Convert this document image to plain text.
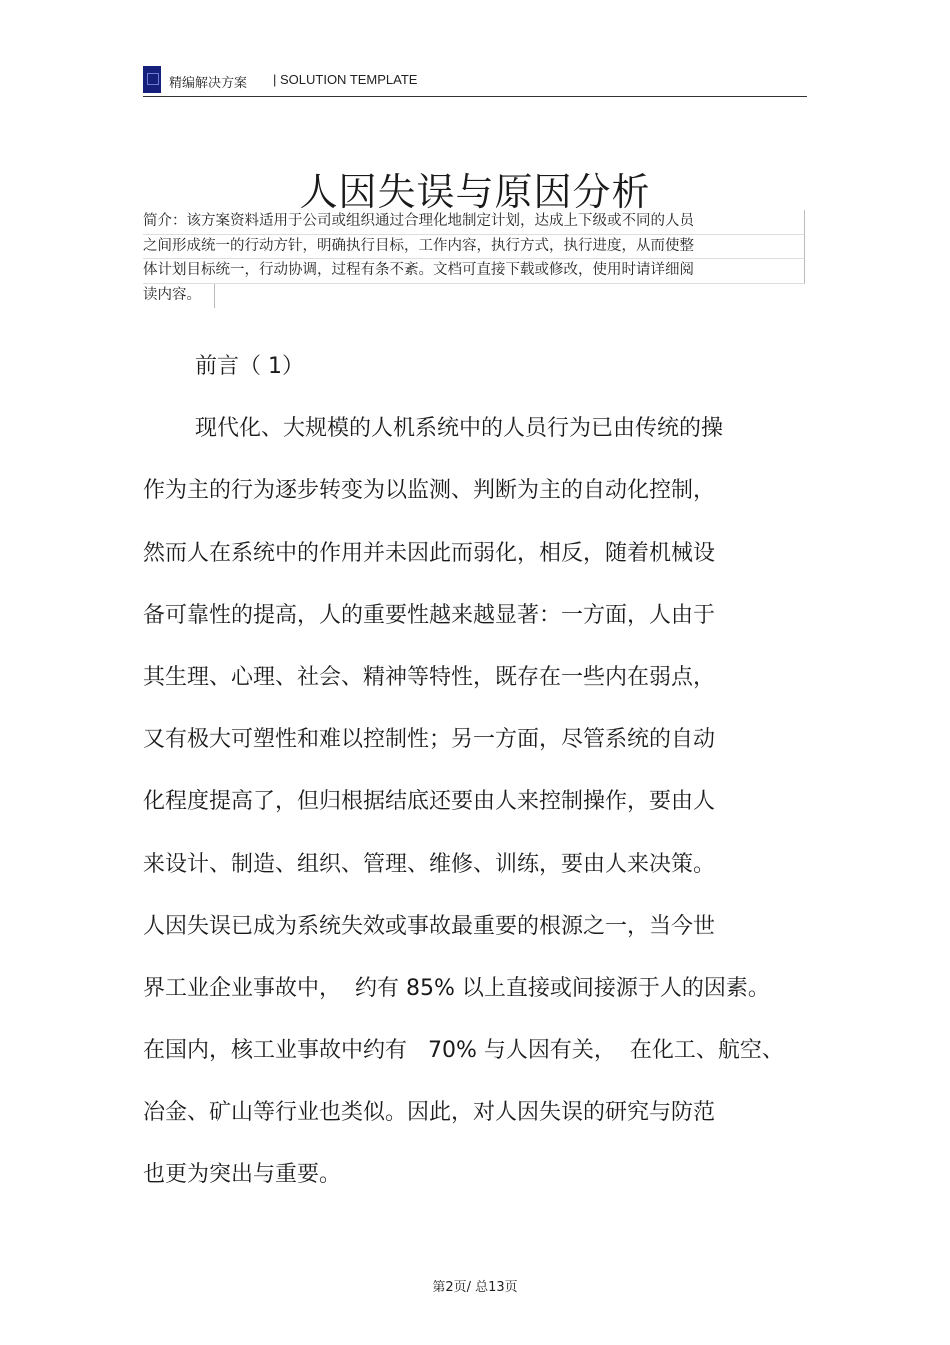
精编解决方案 | SOLUTION TEMPLATE
人因失误与原因分析
简介：该方案资料适用于公司或组织通过合理化地制定计划，达成上下级或不同的人员
之间形成统一的行动方针，明确执行目标，工作内容，执行方式，执行进度，从而使整
体计划目标统一，行动协调，过程有条不紊。文档可直接下载或修改，使用时请详细阅
读内容。
前言（ 1）
现代化、大规模的人机系统中的人员行为已由传统的操
作为主的行为逐步转变为以监测、判断为主的自动化控制，
然而人在系统中的作用并未因此而弱化，相反，随着机械设
备可靠性的提高，人的重要性越来越显著：一方面，人由于
其生理、心理、社会、精神等特性，既存在一些内在弱点，
又有极大可塑性和难以控制性；另一方面，尽管系统的自动
化程度提高了，但归根据结底还要由人来控制操作，要由人
来设计、制造、组织、管理、维修、训练，要由人来决策。
人因失误已成为系统失效或事故最重要的根源之一，当今世
界工业企业事故中，  约有 85% 以上直接或间接源于人的因素。
在国内，核工业事故中约有   70% 与人因有关，  在化工、航空、
冶金、矿山等行业也类似。因此，对人因失误的研究与防范
也更为突出与重要。
第2页/ 总13页
